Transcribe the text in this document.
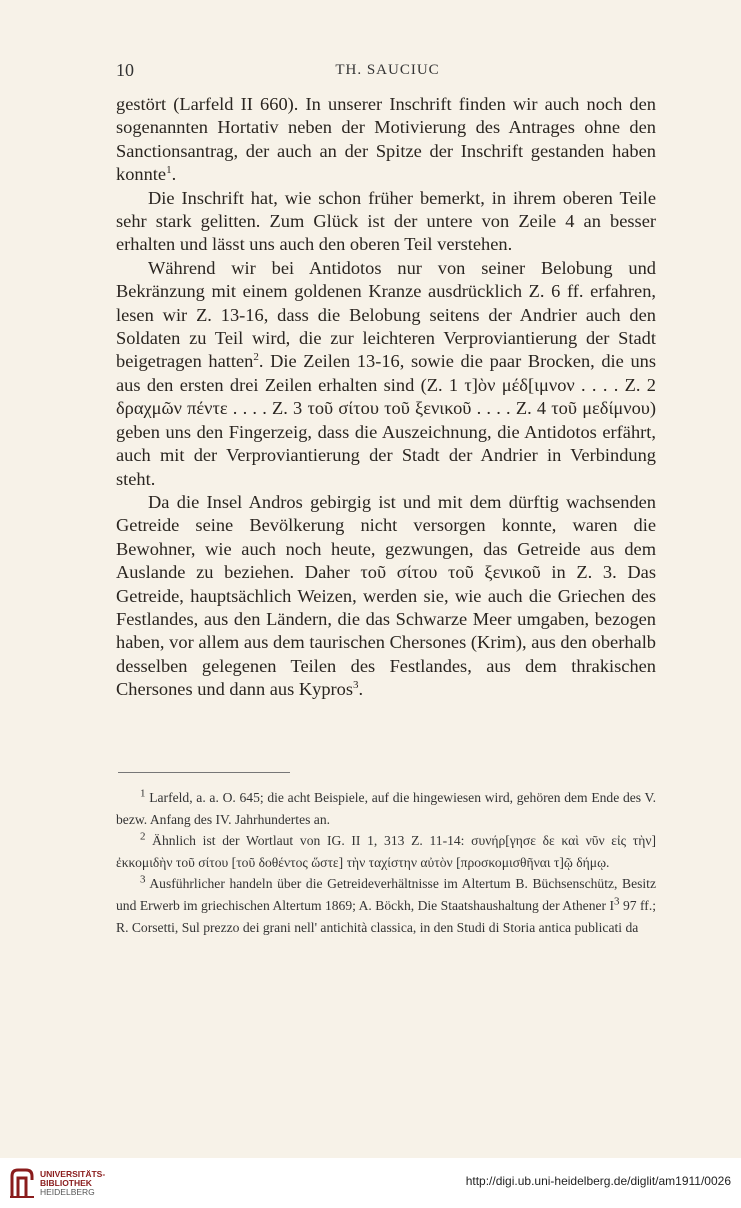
10	TH. SAUCIUC

gestört (Larfeld II 660). In unserer Inschrift finden wir auch noch den sogenannten Hortativ neben der Motivierung des Antrages ohne den Sanctionsantrag, der auch an der Spitze der Inschrift gestanden haben konnte$^1$.

Die Inschrift hat, wie schon früher bemerkt, in ihrem oberen Teile sehr stark gelitten. Zum Glück ist der untere von Zeile 4 an besser erhalten und lässt uns auch den oberen Teil verstehen.

Während wir bei Antidotos nur von seiner Belobung und Bekränzung mit einem goldenen Kranze ausdrücklich Z. 6 ff. erfahren, lesen wir Z. 13-16, dass die Belobung seitens der Andrier auch den Soldaten zu Teil wird, die zur leichteren Verproviantierung der Stadt beigetragen hatten$^2$. Die Zeilen 13-16, sowie die paar Brocken, die uns aus den ersten drei Zeilen erhalten sind (Z. 1 τ]ὸν μέδ[ιμνον . . . . Z. 2 δραχμῶν πέντε . . . . Z. 3 τοῦ σίτου τοῦ ξενικοῦ . . . . Z. 4 τοῦ μεδίμνου) geben uns den Fingerzeig, dass die Auszeichnung, die Antidotos erfährt, auch mit der Verproviantierung der Stadt der Andrier in Verbindung steht.

Da die Insel Andros gebirgig ist und mit dem dürftig wachsenden Getreide seine Bevölkerung nicht versorgen konnte, waren die Bewohner, wie auch noch heute, gezwungen, das Getreide aus dem Auslande zu beziehen. Daher τοῦ σίτου τοῦ ξενικοῦ in Z. 3. Das Getreide, hauptsächlich Weizen, werden sie, wie auch die Griechen des Festlandes, aus den Ländern, die das Schwarze Meer umgaben, bezogen haben, vor allem aus dem taurischen Chersones (Krim), aus den oberhalb desselben gelegenen Teilen des Festlandes, aus dem thrakischen Chersones und dann aus Kypros$^3$.

$^1$ Larfeld, a. a. O. 645; die acht Beispiele, auf die hingewiesen wird, gehören dem Ende des V. bezw. Anfang des IV. Jahrhundertes an.

$^2$ Ähnlich ist der Wortlaut von IG. II 1, 313 Z. 11-14: συνήρ[γησε δε καὶ νῦν εἰς τὴν] ἐκκομιδὴν τοῦ σίτου [τοῦ δοθέντος ὥστε] τὴν ταχίστην αὐτὸν [προσκομισθῆναι τ]ῷ δήμῳ.

$^3$ Ausführlicher handeln über die Getreideverhältnisse im Altertum B. Büchsenschütz, Besitz und Erwerb im griechischen Altertum 1869; A. Böckh, Die Staatshaushaltung der Athener $I^3$ 97 ff.; R. Corsetti, Sul prezzo dei grani nell' antichità classica, in den Studi di Storia antica publicati da

UNIVERSITÄTS-
BIBLIOTHEK
HEIDELBERG
http://digi.ub.uni-heidelberg.de/diglit/am1911/0026
